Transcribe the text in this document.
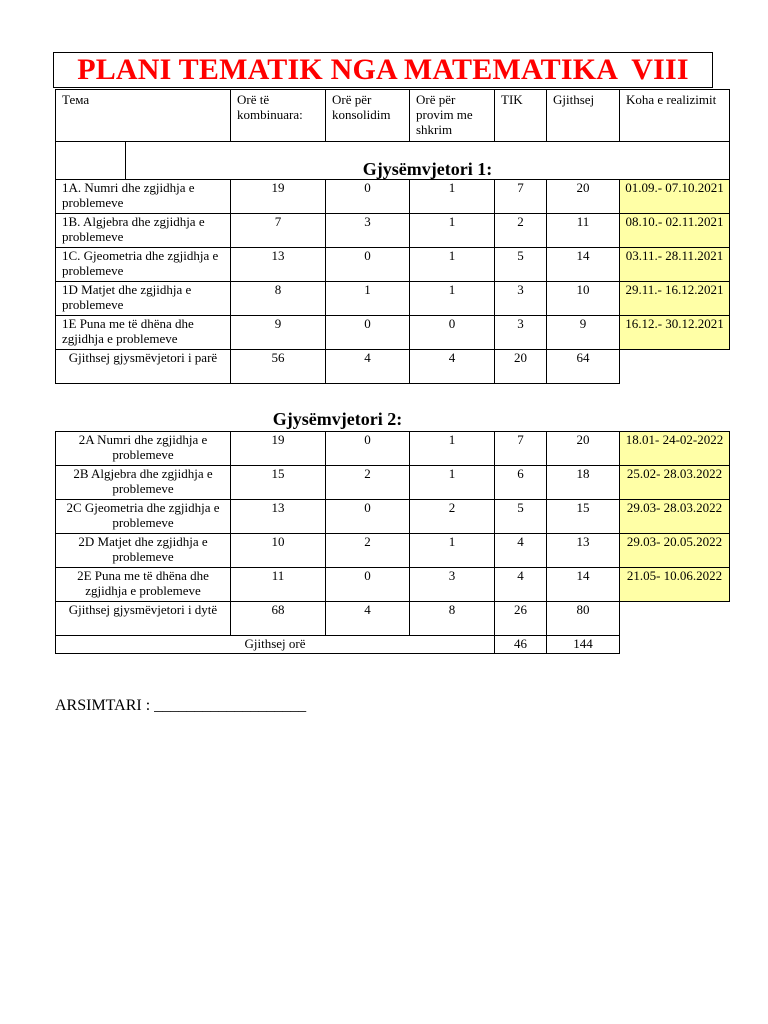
PLANI TEMATIK NGA MATEMATIKA  VIII
Тема		Orë të kombinuara:	Orë për konsolidim	Orë për provim me shkrim	TIK	Gjithsej	Koha e realizimit
	Gjysëmvjetori 1:						
1A. Numri dhe zgjidhja e problemeve		19	0	1	7	20	01.09.- 07.10.2021
1B. Algjebra dhe zgjidhja e problemeve		7	3	1	2	11	08.10.- 02.11.2021
1C. Gjeometria dhe zgjidhja e problemeve		13	0	1	5	14	03.11.- 28.11.2021
1D Matjet dhe zgjidhja e problemeve		8	1	1	3	10	29.11.- 16.12.2021
1E Puna me të dhëna dhe zgjidhja e problemeve		9	0	0	3	9	16.12.- 30.12.2021
Gjithsej gjysmëvjetori i parë		56	4	4	20	64	
Gjysëmvjetori 2:
2A Numri dhe zgjidhja e problemeve	19	0	1	7	20	18.01- 24-02-2022
2B Algjebra dhe zgjidhja e problemeve	15	2	1	6	18	25.02- 28.03.2022
2C Gjeometria dhe zgjidhja e problemeve	13	0	2	5	15	29.03- 28.03.2022
2D Matjet dhe zgjidhja e problemeve	10	2	1	4	13	29.03- 20.05.2022
2E Puna me të dhëna dhe zgjidhja e problemeve	11	0	3	4	14	21.05- 10.06.2022
Gjithsej gjysmëvjetori i dytë	68	4	8	26	80	
Gjithsej orë				46	144	
ARSIMTARI : ___________________
